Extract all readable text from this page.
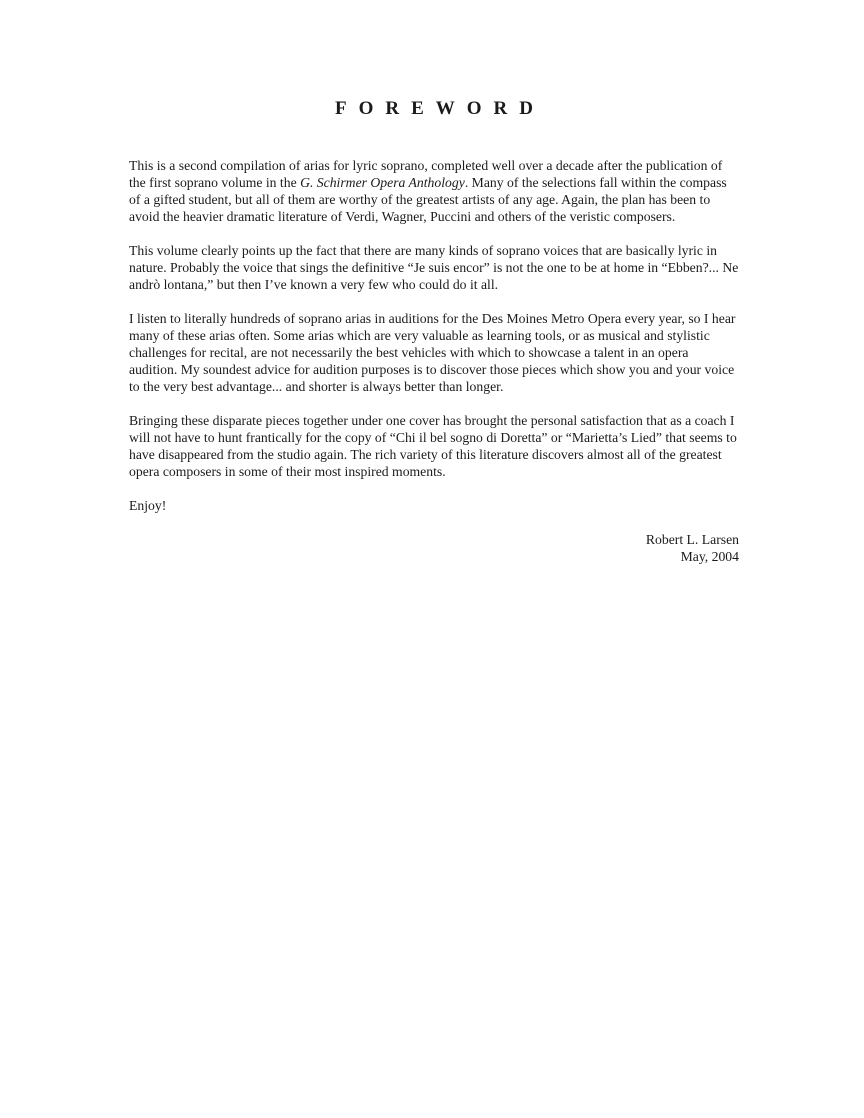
FOREWORD

This is a second compilation of arias for lyric soprano, completed well over a decade after the publication of the first soprano volume in the G. Schirmer Opera Anthology. Many of the selections fall within the compass of a gifted student, but all of them are worthy of the greatest artists of any age. Again, the plan has been to avoid the heavier dramatic literature of Verdi, Wagner, Puccini and others of the veristic composers.

This volume clearly points up the fact that there are many kinds of soprano voices that are basically lyric in nature. Probably the voice that sings the definitive “Je suis encor” is not the one to be at home in “Ebben?... Ne andrò lontana,” but then I’ve known a very few who could do it all.

I listen to literally hundreds of soprano arias in auditions for the Des Moines Metro Opera every year, so I hear many of these arias often. Some arias which are very valuable as learning tools, or as musical and stylistic challenges for recital, are not necessarily the best vehicles with which to showcase a talent in an opera audition. My soundest advice for audition purposes is to discover those pieces which show you and your voice to the very best advantage... and shorter is always better than longer.

Bringing these disparate pieces together under one cover has brought the personal satisfaction that as a coach I will not have to hunt frantically for the copy of “Chi il bel sogno di Doretta” or “Marietta’s Lied” that seems to have disappeared from the studio again. The rich variety of this literature discovers almost all of the greatest opera composers in some of their most inspired moments.

Enjoy!

Robert L. Larsen
May, 2004
